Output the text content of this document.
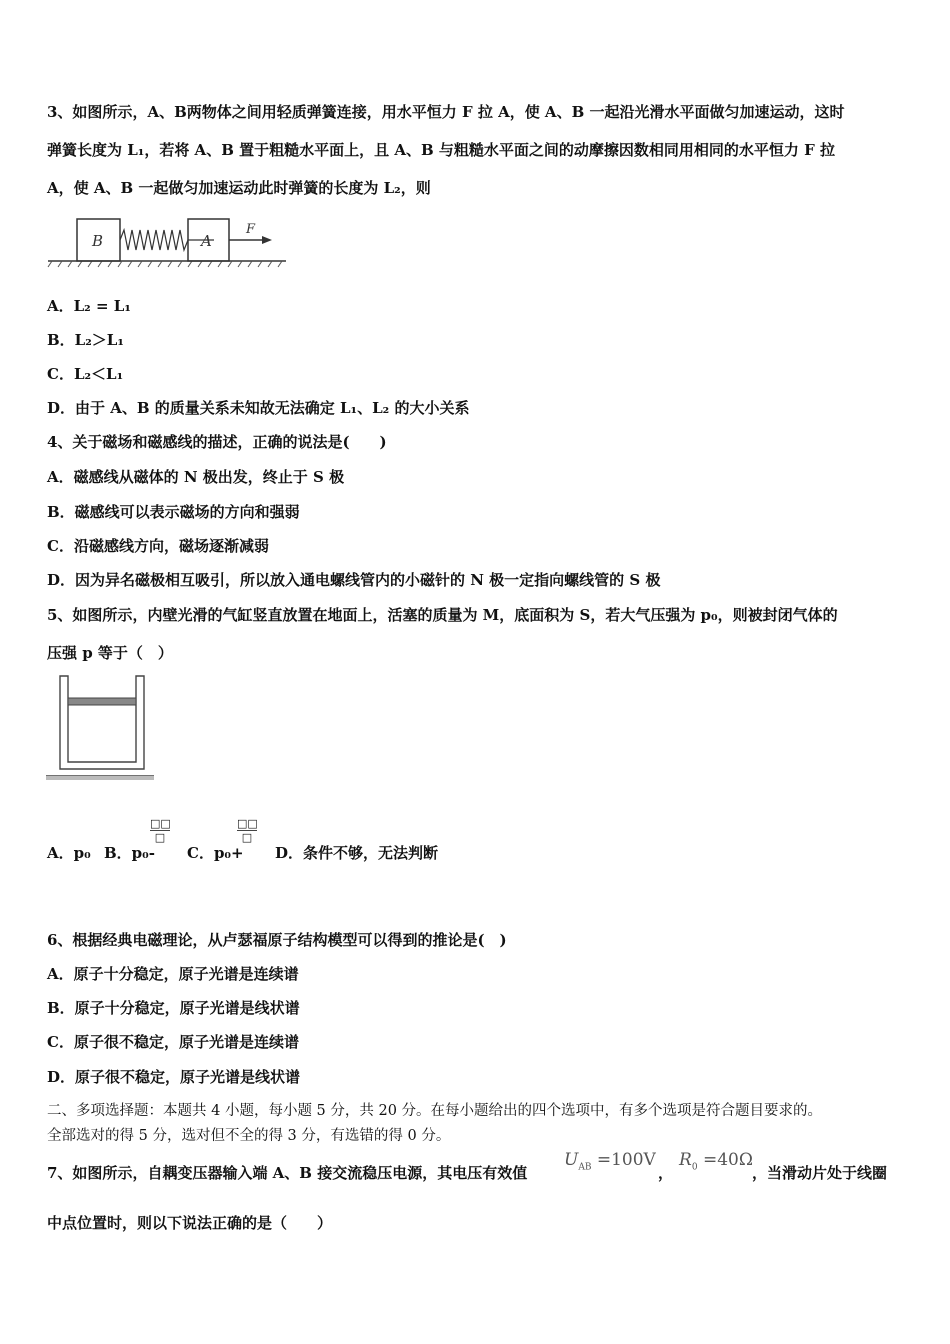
3、如图所示，A、B两物体之间用轻质弹簧连接，用水平恒力 F 拉 A，使 A、B 一起沿光滑水平面做匀加速运动，这时
弹簧长度为 L₁，若将 A、B 置于粗糙水平面上，且 A、B 与粗糙水平面之间的动摩擦因数相同用相同的水平恒力 F 拉
A，使 A、B 一起做匀加速运动此时弹簧的长度为 L₂，则
B	A
F
A．L₂ = L₁
B．L₂＞L₁
C．L₂＜L₁
D．由于 A、B 的质量关系未知故无法确定 L₁、L₂ 的大小关系
4、关于磁场和磁感线的描述，正确的说法是(　　)
A．磁感线从磁体的 N 极出发，终止于 S 极
B．磁感线可以表示磁场的方向和强弱
C．沿磁感线方向，磁场逐渐减弱
D．因为异名磁极相互吸引，所以放入通电螺线管内的小磁针的 N 极一定指向螺线管的 S 极
5、如图所示，内壁光滑的气缸竖直放置在地面上，活塞的质量为 M，底面积为 S，若大气压强为 p₀，则被封闭气体的
压强 p 等于（　）
A．p₀ B．p₀-
□□
□
C．p₀+
□□
□
D．条件不够，无法判断
6、根据经典电磁理论，从卢瑟福原子结构模型可以得到的推论是(　)
A．原子十分稳定，原子光谱是连续谱
B．原子十分稳定，原子光谱是线状谱
C．原子很不稳定，原子光谱是连续谱
D．原子很不稳定，原子光谱是线状谱
二、多项选择题：本题共 4 小题，每小题 5 分，共 20 分。在每小题给出的四个选项中，有多个选项是符合题目要求的。
全部选对的得 5 分，选对但不全的得 3 分，有选错的得 0 分。
7、如图所示，自耦变压器输入端 A、B 接交流稳压电源，其电压有效值
$U_{AB} =100V$
，
$R_0 =40\Omega$
，当滑动片处于线圈
中点位置时，则以下说法正确的是（　　）
